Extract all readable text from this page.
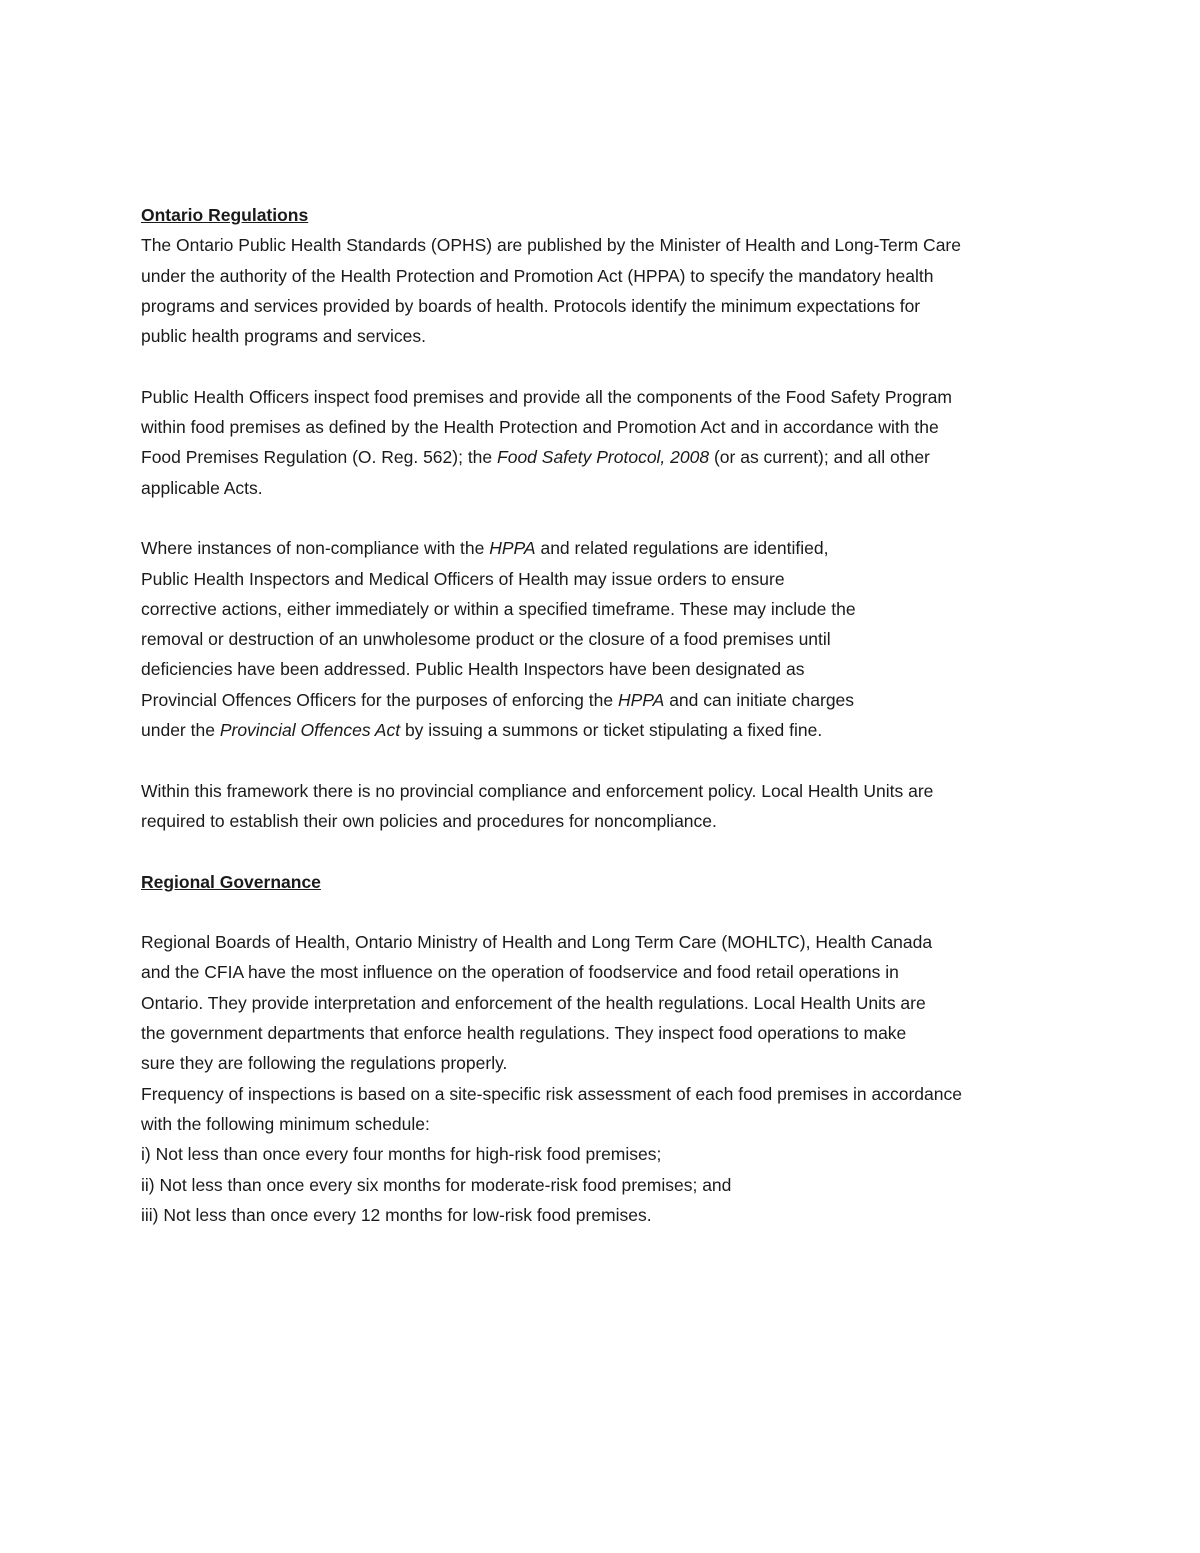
Ontario Regulations
The Ontario Public Health Standards (OPHS) are published by the Minister of Health and Long-Term Care
under the authority of the Health Protection and Promotion Act (HPPA) to specify the mandatory health
programs and services provided by boards of health. Protocols identify the minimum expectations for
public health programs and services.
Public Health Officers inspect food premises and provide all the components of the Food Safety Program
within food premises as defined by the Health Protection and Promotion Act and in accordance with the
Food Premises Regulation (O. Reg. 562); the Food Safety Protocol, 2008 (or as current); and all other
applicable Acts.
Where instances of non-compliance with the HPPA and related regulations are identified,
Public Health Inspectors and Medical Officers of Health may issue orders to ensure
corrective actions, either immediately or within a specified timeframe. These may include the
removal or destruction of an unwholesome product or the closure of a food premises until
deficiencies have been addressed. Public Health Inspectors have been designated as
Provincial Offences Officers for the purposes of enforcing the HPPA and can initiate charges
under the Provincial Offences Act by issuing a summons or ticket stipulating a fixed fine.
Within this framework there is no provincial compliance and enforcement policy. Local Health Units are
required to establish their own policies and procedures for noncompliance.
Regional Governance
Regional Boards of Health, Ontario Ministry of Health and Long Term Care (MOHLTC), Health Canada
and the CFIA have the most influence on the operation of foodservice and food retail operations in
Ontario. They provide interpretation and enforcement of the health regulations. Local Health Units are
the government departments that enforce health regulations. They inspect food operations to make
sure they are following the regulations properly.
Frequency of inspections is based on a site-specific risk assessment of each food premises in accordance
with the following minimum schedule:
i) Not less than once every four months for high-risk food premises;
ii) Not less than once every six months for moderate-risk food premises; and
iii) Not less than once every 12 months for low-risk food premises.
